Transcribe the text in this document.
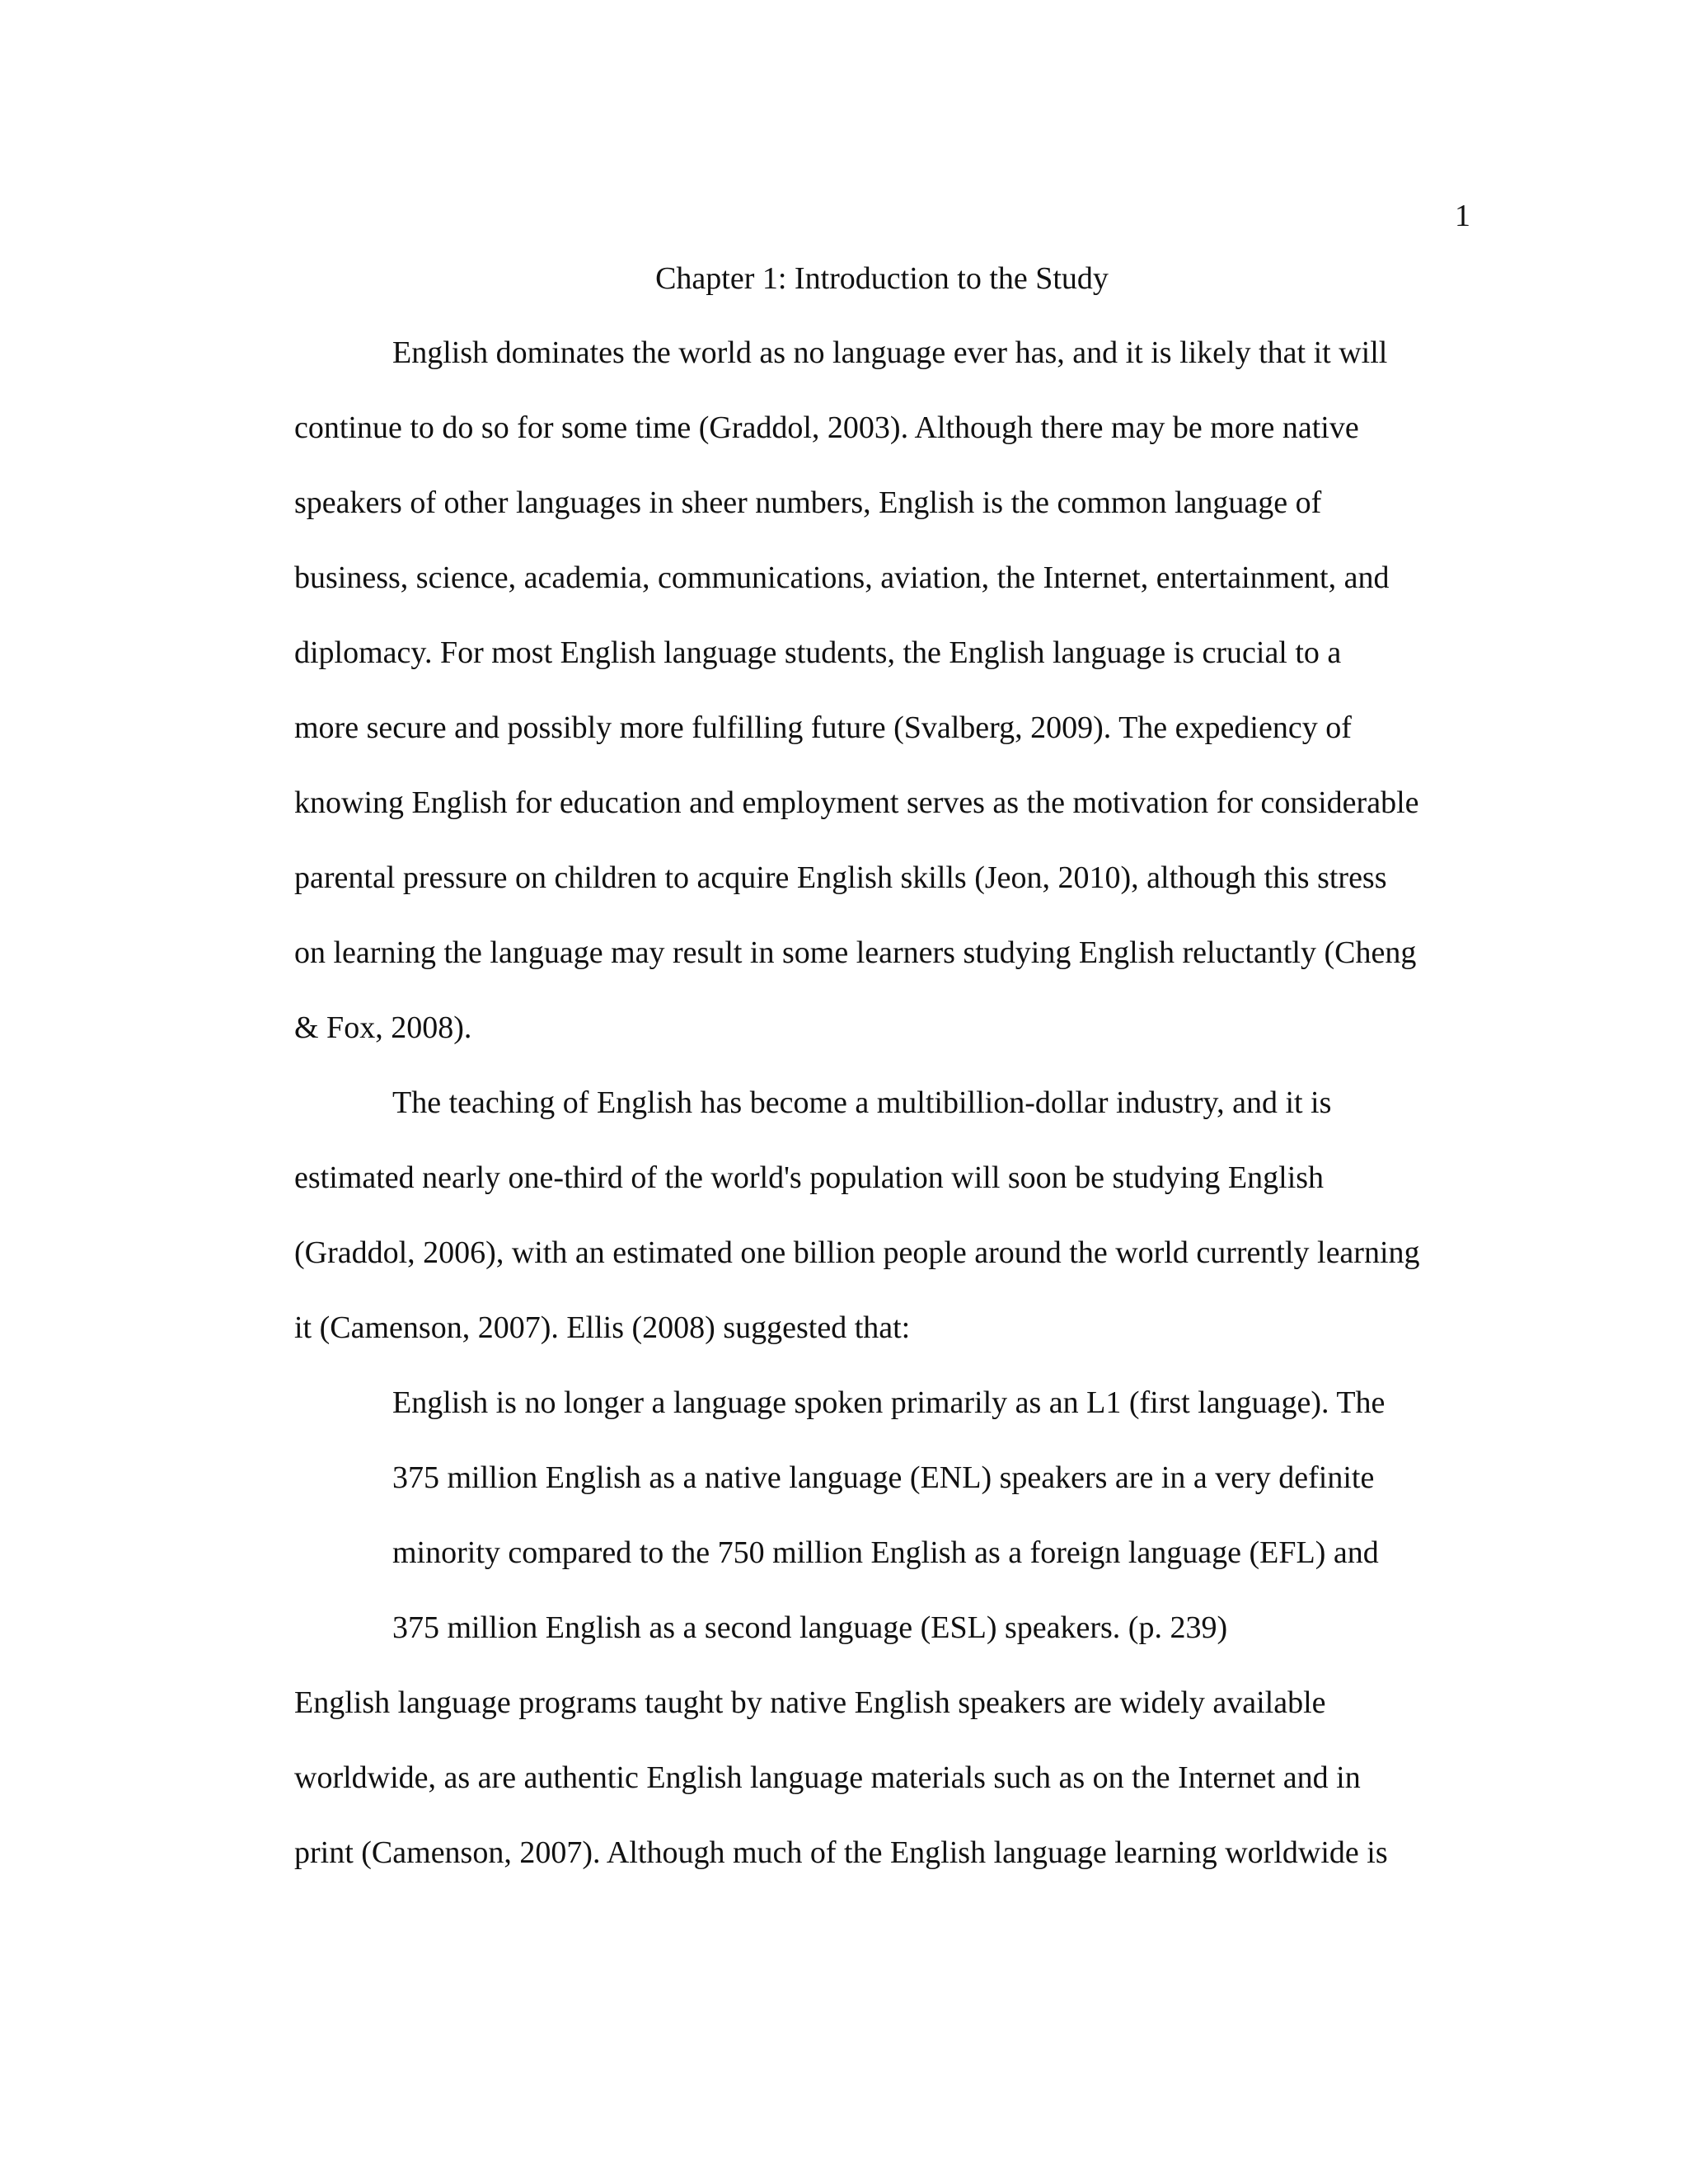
1
Chapter 1: Introduction to the Study
English dominates the world as no language ever has, and it is likely that it will
continue to do so for some time (Graddol, 2003). Although there may be more native
speakers of other languages in sheer numbers, English is the common language of
business, science, academia, communications, aviation, the Internet, entertainment, and
diplomacy. For most English language students, the English language is crucial to a
more secure and possibly more fulfilling future (Svalberg, 2009). The expediency of
knowing English for education and employment serves as the motivation for considerable
parental pressure on children to acquire English skills (Jeon, 2010), although this stress
on learning the language may result in some learners studying English reluctantly (Cheng
& Fox, 2008).
The teaching of English has become a multibillion-dollar industry, and it is
estimated nearly one-third of the world's population will soon be studying English
(Graddol, 2006), with an estimated one billion people around the world currently learning
it (Camenson, 2007). Ellis (2008) suggested that:
English is no longer a language spoken primarily as an L1 (first language). The
375 million English as a native language (ENL) speakers are in a very definite
minority compared to the 750 million English as a foreign language (EFL) and
375 million English as a second language (ESL) speakers. (p. 239)
English language programs taught by native English speakers are widely available
worldwide, as are authentic English language materials such as on the Internet and in
print (Camenson, 2007). Although much of the English language learning worldwide is
